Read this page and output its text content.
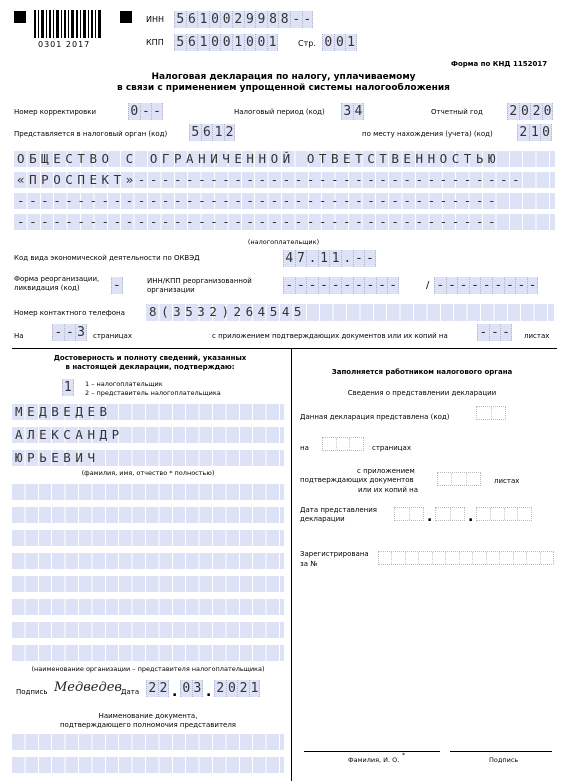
0301 2017
ИНН 5 6 1 0 0 2 9 9 8 8 - -
КПП 5 6 1 0 0 1 0 0 1	Стр. 0 0 1
Форма по КНД 1152017
Налоговая декларация по налогу, уплачиваемому
в связи с применением упрощенной системы налогообложения
Номер корректировки	0 - -	Налоговый период (код) 3 4	Отчетный год 2 0 2 0
Представляется в налоговый орган (код) 5 6 1 2	по месту нахождения (учета) (код) 2 1 0
ОБЩЕСТВО С ОГРАНИЧЕННОЙ ОТВЕТСТВЕННОСТЬЮ
«ПРОСПЕКТ»--------------------------------
----------------------------------------
----------------------------------------
(налогоплательщик)
Код вида экономической деятельности по ОКВЭД	4 7 . 1 1 . - -
Форма реорганизации,
ликвидация (код)	-	ИНН/КПП реорганизованной
организации	- - - - - - - - - -	/ - - - - - - - - -
Номер контактного телефона 8(3532)264545
На - - 3 страницах	с приложением подтверждающих документов или их копий на - - - листах
Достоверность и полноту сведений, указанных
в настоящей декларации, подтверждаю:
1 1 – налогоплательщик
2 – представитель налогоплательщика
МЕДВЕДЕВ
АЛЕКСАНДР
ЮРЬЕВИЧ
(фамилия, имя, отчество * полностью)
(наименование организации – представителя налогоплательщика)
Подпись Медведев
Дата 2 2 . 0 3 . 2 0 2 1
Наименование документа,
подтверждающего полномочия представителя
Заполняется работником налогового органа
Сведения о представлении декларации
Данная декларация представлена (код)
на	страницах
с приложением
подтверждающих документов
или их копий на
листах
Дата представления
декларации	.	.
Зарегистрирована
за №
Фамилия, И. О.
*
Подпись
